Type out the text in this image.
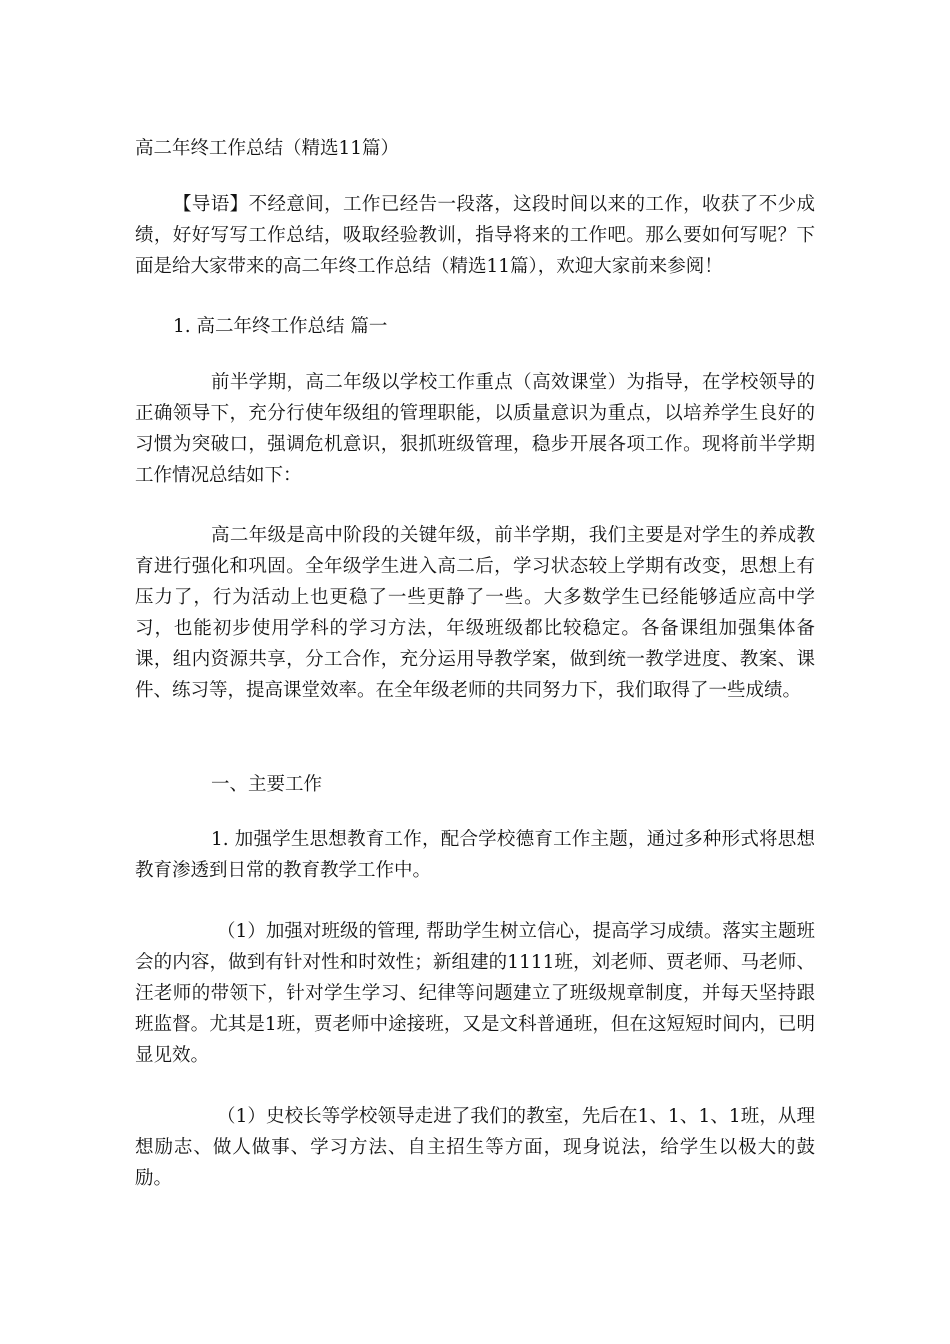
高二年终工作总结（精选11篇）

【导语】不经意间，工作已经告一段落，这段时间以来的工作，收获了不少成绩，好好写写工作总结，吸取经验教训，指导将来的工作吧。那么要如何写呢？下面是给大家带来的高二年终工作总结（精选11篇），欢迎大家前来参阅！

1. 高二年终工作总结 篇一

前半学期，高二年级以学校工作重点（高效课堂）为指导，在学校领导的正确领导下，充分行使年级组的管理职能，以质量意识为重点，以培养学生良好的习惯为突破口，强调危机意识，狠抓班级管理，稳步开展各项工作。现将前半学期工作情况总结如下：

高二年级是高中阶段的关键年级，前半学期，我们主要是对学生的养成教育进行强化和巩固。全年级学生进入高二后，学习状态较上学期有改变，思想上有压力了，行为活动上也更稳了一些更静了一些。大多数学生已经能够适应高中学习，也能初步使用学科的学习方法，年级班级都比较稳定。各备课组加强集体备课，组内资源共享，分工合作，充分运用导教学案，做到统一教学进度、教案、课件、练习等，提高课堂效率。在全年级老师的共同努力下，我们取得了一些成绩。

一、主要工作

1. 加强学生思想教育工作，配合学校德育工作主题，通过多种形式将思想教育渗透到日常的教育教学工作中。

（1）加强对班级的管理, 帮助学生树立信心，提高学习成绩。落实主题班会的内容，做到有针对性和时效性；新组建的1111班，刘老师、贾老师、马老师、汪老师的带领下，针对学生学习、纪律等问题建立了班级规章制度，并每天坚持跟班监督。尤其是1班，贾老师中途接班，又是文科普通班，但在这短短时间内，已明显见效。

（1）史校长等学校领导走进了我们的教室，先后在1、1、1、1班，从理想励志、做人做事、学习方法、自主招生等方面，现身说法，给学生以极大的鼓励。
